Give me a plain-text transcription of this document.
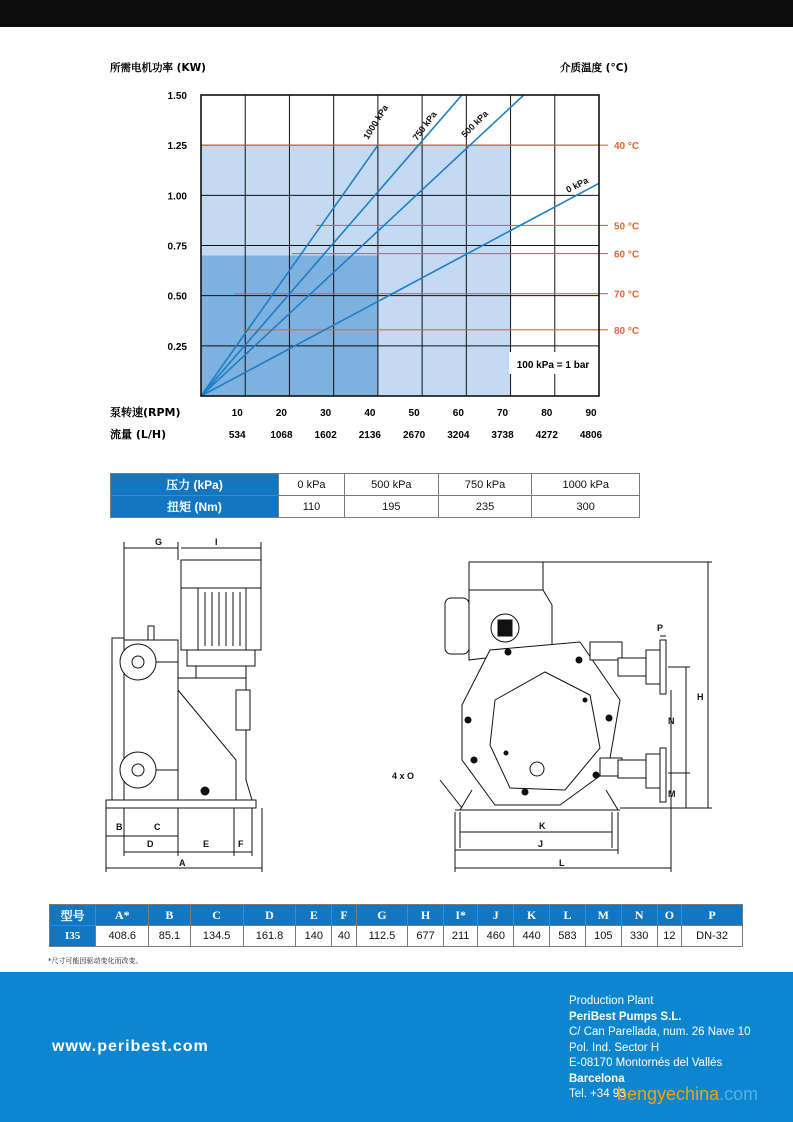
所需电机功率 (KW)	介质温度 (°C)
1000 kPa 750 kPa 500 kPa
0 kPa
1.50
1.25
1.00
0.75
0.50
0.25
10	20	30	40	50	60	70	80	90
534 1068 1602 2136 2670 3204 3738 4272 4806
40 °C
50 °C
60 °C
70 °C
80 °C
泵转速(RPM)
流量 (L/H)
100 kPa = 1 bar
压力 (kPa)	0 kPa	500 kPa	750 kPa	1000 kPa
扭矩 (Nm)	110	195	235	300
G	I
B	C
D	E	F
A
P
H
N
M
K
J
L
4 x O
型号	A*	B	C	D	E	F	G	H	I*	J	K	L	M	N	O	P
I35	408.6	85.1	134.5	161.8	140	40	112.5	677	211	460	440	583	105	330	12	DN-32
*尺寸可能因驱动变化而改变。
www.peribest.com
Production Plant
PeriBest Pumps S.L.
C/ Can Parellada, num. 26 Nave 10
Pol. Ind. Sector H
E-08170 Montornés del Vallés
Barcelona
Tel. +34 93
bengyechina.com
